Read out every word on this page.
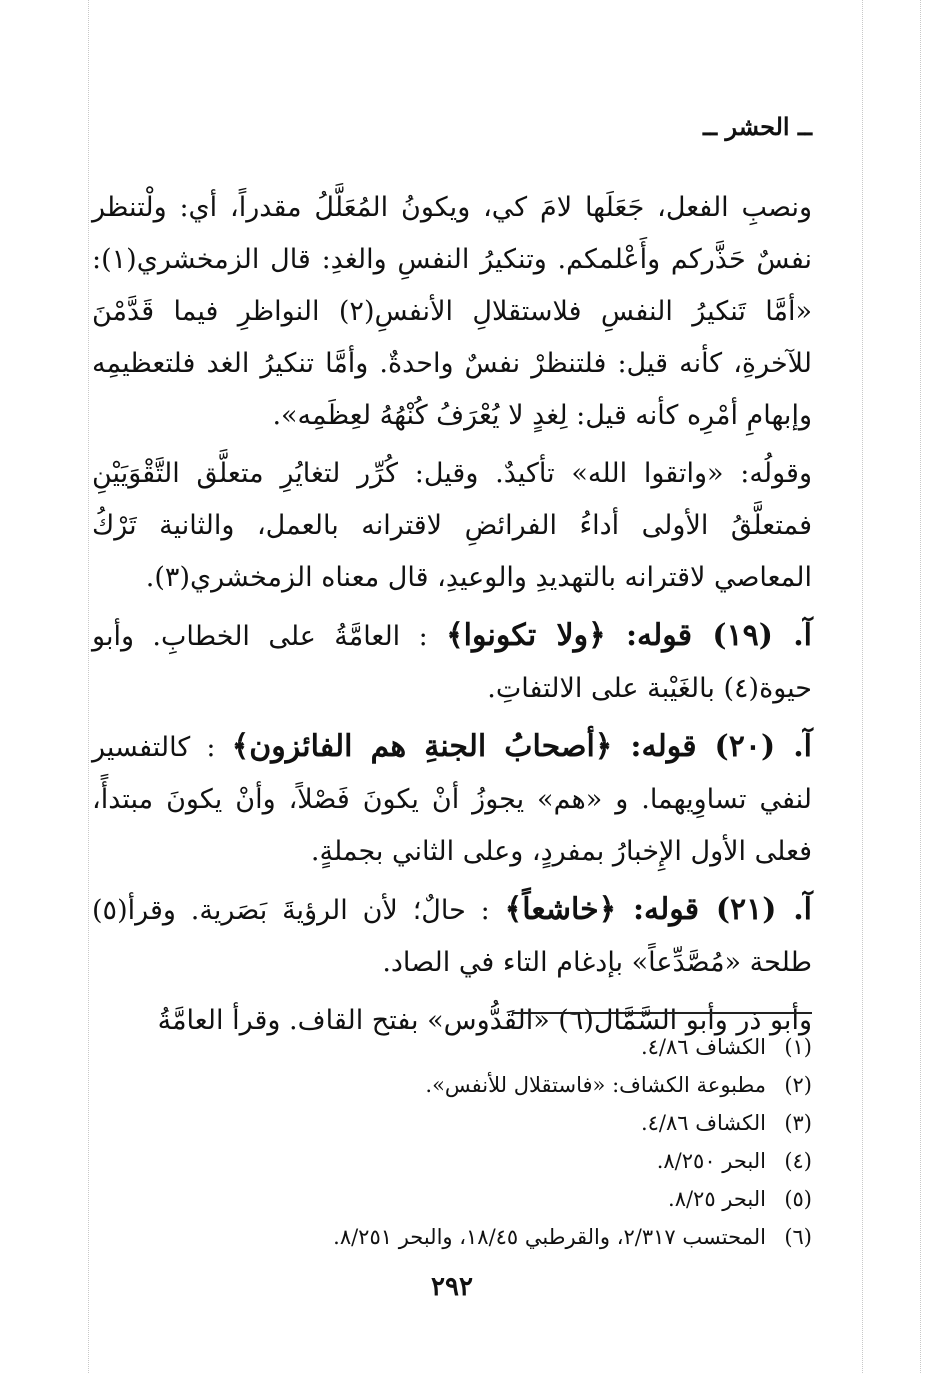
ــ الحشر ــ

ونصبِ الفعل، جَعَلَها لامَ كي، ويكونُ المُعَلَّلُ مقدراً، أي: ولْتنظر نفسٌ حَذَّركم وأَعْلمكم. وتنكيرُ النفسِ والغدِ: قال الزمخشري(١): «أمَّا تَنكيرُ النفسِ فلاستقلالِ الأنفسِ(٢) النواظرِ فيما قَدَّمْنَ للآخرةِ، كأنه قيل: فلتنظرْ نفسٌ واحدةٌ. وأمَّا تنكيرُ الغد فلتعظيمِه وإبهامِ أمْرِه كأنه قيل: لِغدٍ لا يُعْرَفُ كُنْهُهُ لعِظَمِه».

وقولُه: «واتقوا الله» تأكيدٌ. وقيل: كُرِّر لتغايُرِ متعلَّق التَّقْوَيَيْنِ فمتعلَّقُ الأولى أداءُ الفرائضِ لاقترانه بالعمل، والثانية تَرْكُ المعاصي لاقترانه بالتهديدِ والوعيدِ، قال معناه الزمخشري(٣).

آ. (١٩) قوله: ﴿ولا تكونوا﴾ : العامَّةُ على الخطابِ. وأبو حيوة(٤) بالغَيْبة على الالتفاتِ.

آ. (٢٠) قوله: ﴿أصحابُ الجنةِ هم الفائزون﴾ : كالتفسير لنفي تساوِيهما. و «هم» يجوزُ أنْ يكونَ فَصْلاً، وأنْ يكونَ مبتدأً، فعلى الأول الإِخبارُ بمفردٍ، وعلى الثاني بجملةٍ.

آ. (٢١) قوله: ﴿خاشعاً﴾ : حالٌ؛ لأن الرؤيةَ بَصَرية. وقرأ(٥) طلحة «مُصَّدِّعاً» بإدغام التاء في الصاد.

وأبو ذر وأبو السَّمَّال(٦) «القَدُّوس» بفتح القاف. وقرأ العامَّةُ

(١)الكشاف ٤/٨٦.
(٢)مطبوعة الكشاف: «فاستقلال للأنفس».
(٣)الكشاف ٤/٨٦.
(٤)البحر ٨/٢٥٠.
(٥)البحر ٨/٢٥.
(٦)المحتسب ٢/٣١٧، والقرطبي ١٨/٤٥، والبحر ٨/٢٥١.
٢٩٢
